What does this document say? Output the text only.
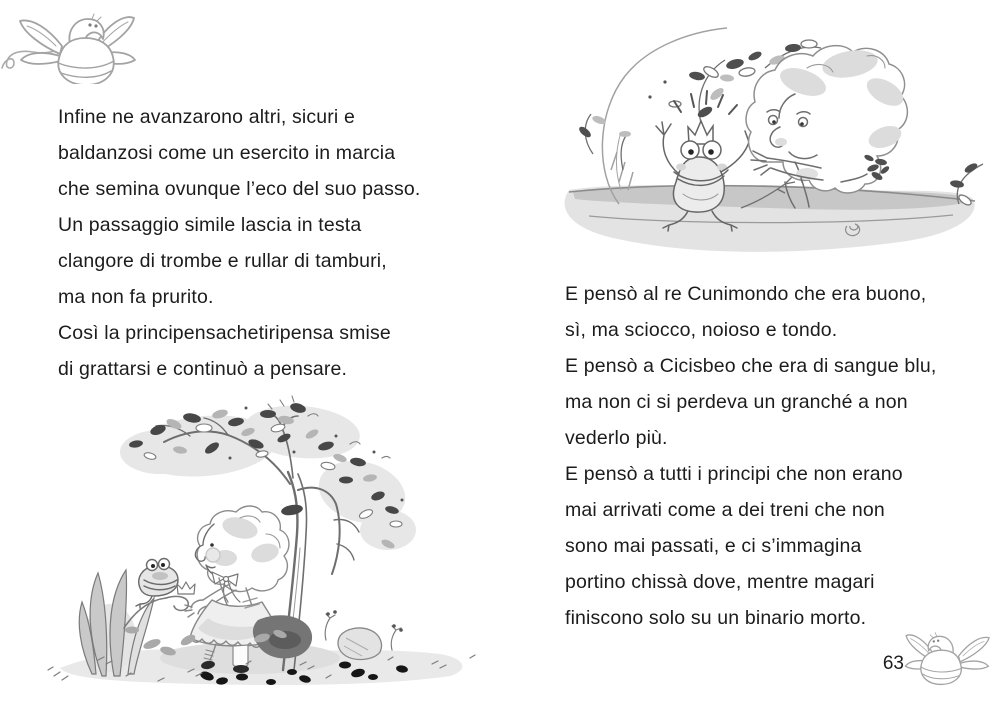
Infine ne avanzarono altri, sicuri e
baldanzosi come un esercito in marcia
che semina ovunque l’eco del suo passo.
Un passaggio simile lascia in testa
clangore di trombe e rullar di tamburi,
ma non fa prurito.
Così la principensachetiripensa smise
di grattarsi e continuò a pensare.
E pensò al re Cunimondo che era buono,
sì, ma sciocco, noioso e tondo.
E pensò a Cicisbeo che era di sangue blu,
ma non ci si perdeva un granché a non
vederlo più.
E pensò a tutti i principi che non erano
mai arrivati come a dei treni che non
sono mai passati, e ci s’immagina
portino chissà dove, mentre magari
finiscono solo su un binario morto.
63
